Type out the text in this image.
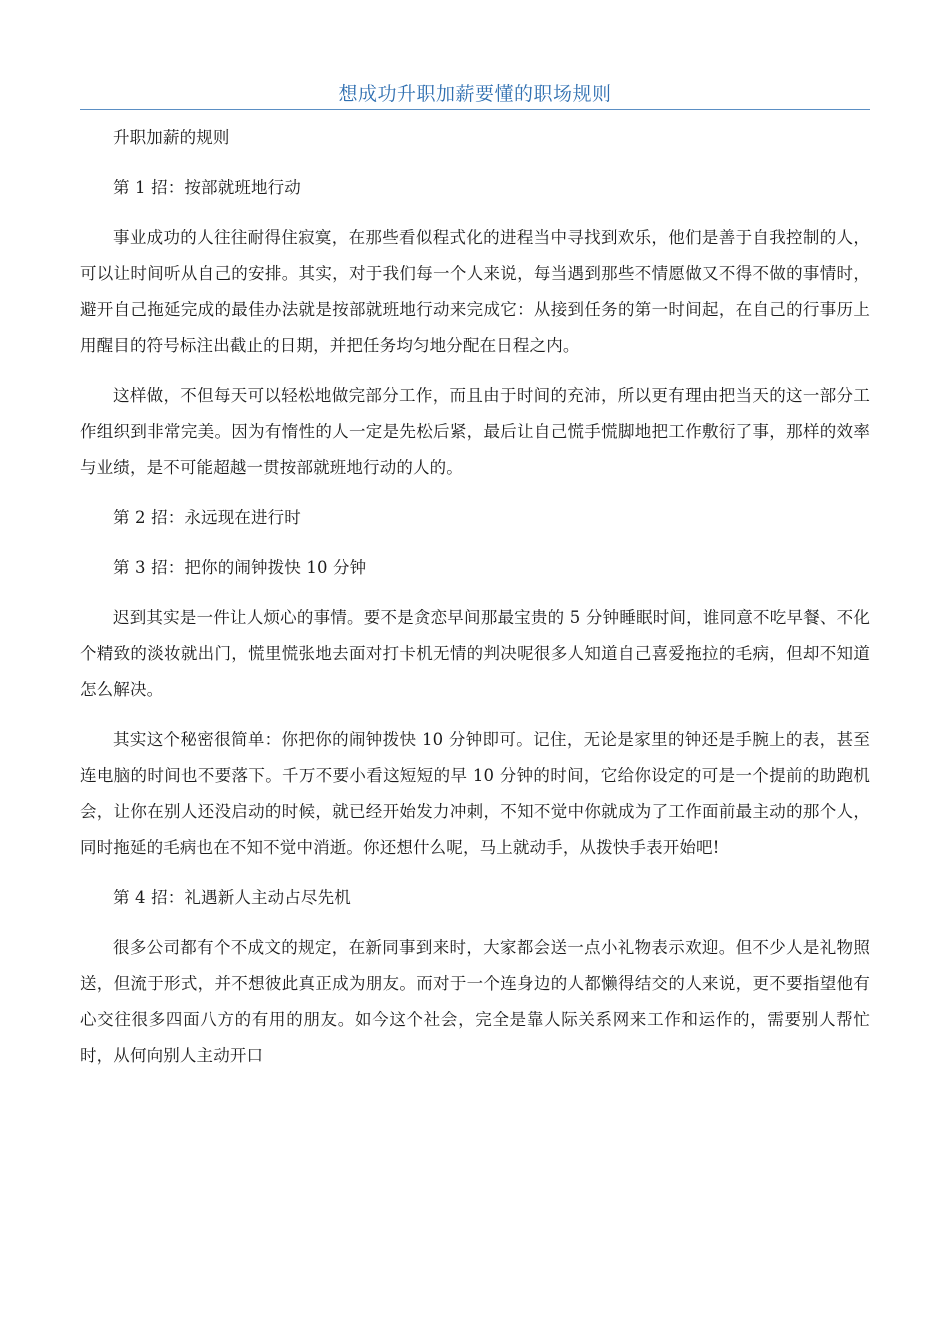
想成功升职加薪要懂的职场规则

升职加薪的规则

第 1 招：按部就班地行动

事业成功的人往往耐得住寂寞，在那些看似程式化的进程当中寻找到欢乐，他们是善于自我控制的人，可以让时间听从自己的安排。其实，对于我们每一个人来说，每当遇到那些不情愿做又不得不做的事情时，避开自己拖延完成的最佳办法就是按部就班地行动来完成它：从接到任务的第一时间起，在自己的行事历上用醒目的符号标注出截止的日期，并把任务均匀地分配在日程之内。

这样做，不但每天可以轻松地做完部分工作，而且由于时间的充沛，所以更有理由把当天的这一部分工作组织到非常完美。因为有惰性的人一定是先松后紧，最后让自己慌手慌脚地把工作敷衍了事，那样的效率与业绩，是不可能超越一贯按部就班地行动的人的。

第 2 招：永远现在进行时

第 3 招：把你的闹钟拨快 10 分钟

迟到其实是一件让人烦心的事情。要不是贪恋早间那最宝贵的 5 分钟睡眠时间，谁同意不吃早餐、不化个精致的淡妆就出门，慌里慌张地去面对打卡机无情的判决呢很多人知道自己喜爱拖拉的毛病，但却不知道怎么解决。

其实这个秘密很简单：你把你的闹钟拨快 10 分钟即可。记住，无论是家里的钟还是手腕上的表，甚至连电脑的时间也不要落下。千万不要小看这短短的早 10 分钟的时间，它给你设定的可是一个提前的助跑机会，让你在别人还没启动的时候，就已经开始发力冲刺，不知不觉中你就成为了工作面前最主动的那个人，同时拖延的毛病也在不知不觉中消逝。你还想什么呢，马上就动手，从拨快手表开始吧!

第 4 招：礼遇新人主动占尽先机

很多公司都有个不成文的规定，在新同事到来时，大家都会送一点小礼物表示欢迎。但不少人是礼物照送，但流于形式，并不想彼此真正成为朋友。而对于一个连身边的人都懒得结交的人来说，更不要指望他有心交往很多四面八方的有用的朋友。如今这个社会，完全是靠人际关系网来工作和运作的，需要别人帮忙时，从何向别人主动开口
